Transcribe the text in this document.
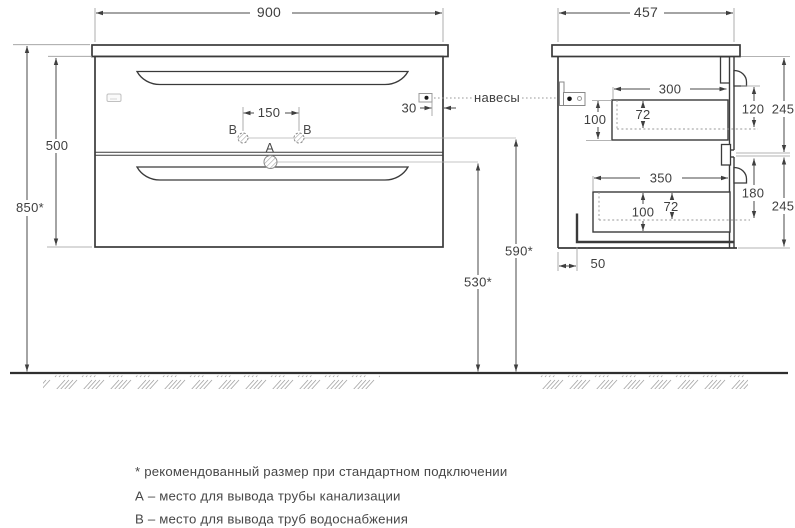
В	В
А
900	457
850*
500
150	30
навесы
590*
530*
300
100 72
350
100 72
120 245
180
245
50
* рекомендованный размер при стандартном подключении
А – место для вывода трубы канализации
В – место для вывода труб водоснабжения
